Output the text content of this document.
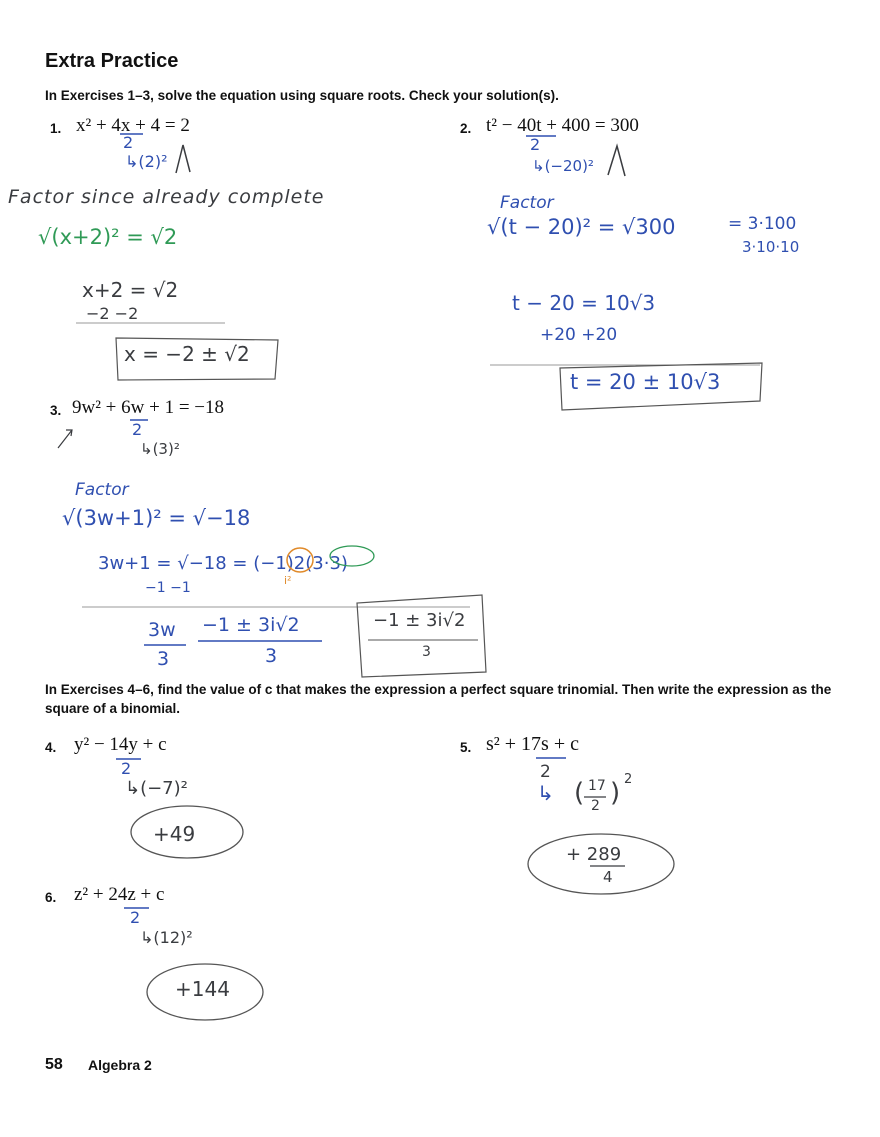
Extra Practice
In Exercises 1–3, solve the equation using square roots. Check your solution(s).
1. x² + 4x + 4 = 2
2
↳(2)²
Factor since already complete
√(x+2)² = √2
x+2 = √2
−2 −2
x = −2 ± √2
2. t² − 40t + 400 = 300
2
↳(−20)²
Factor
√(t − 20)² = √300	= 3·100
3·10·10
t − 20 = 10√3
+20 +20
t = 20 ± 10√3
3. 9w² + 6w + 1 = −18
2
↳(3)²
Factor
√(3w+1)² = √−18
3w+1 = √−18 = (−1)2(3·3)
i²
−1 −1
3w
3
−1 ± 3i√2
3
−1 ± 3i√2
3
In Exercises 4–6, find the value of c that makes the expression a perfect square trinomial. Then write the expression as the square of a binomial.
4. y² − 14y + c
2
↳(−7)²
+49
5. s² + 17s + c
2
↳ 17
2
( ) 2
+ 289
4
6. z² + 24z + c
2
↳(12)²
+144
58 Algebra 2
